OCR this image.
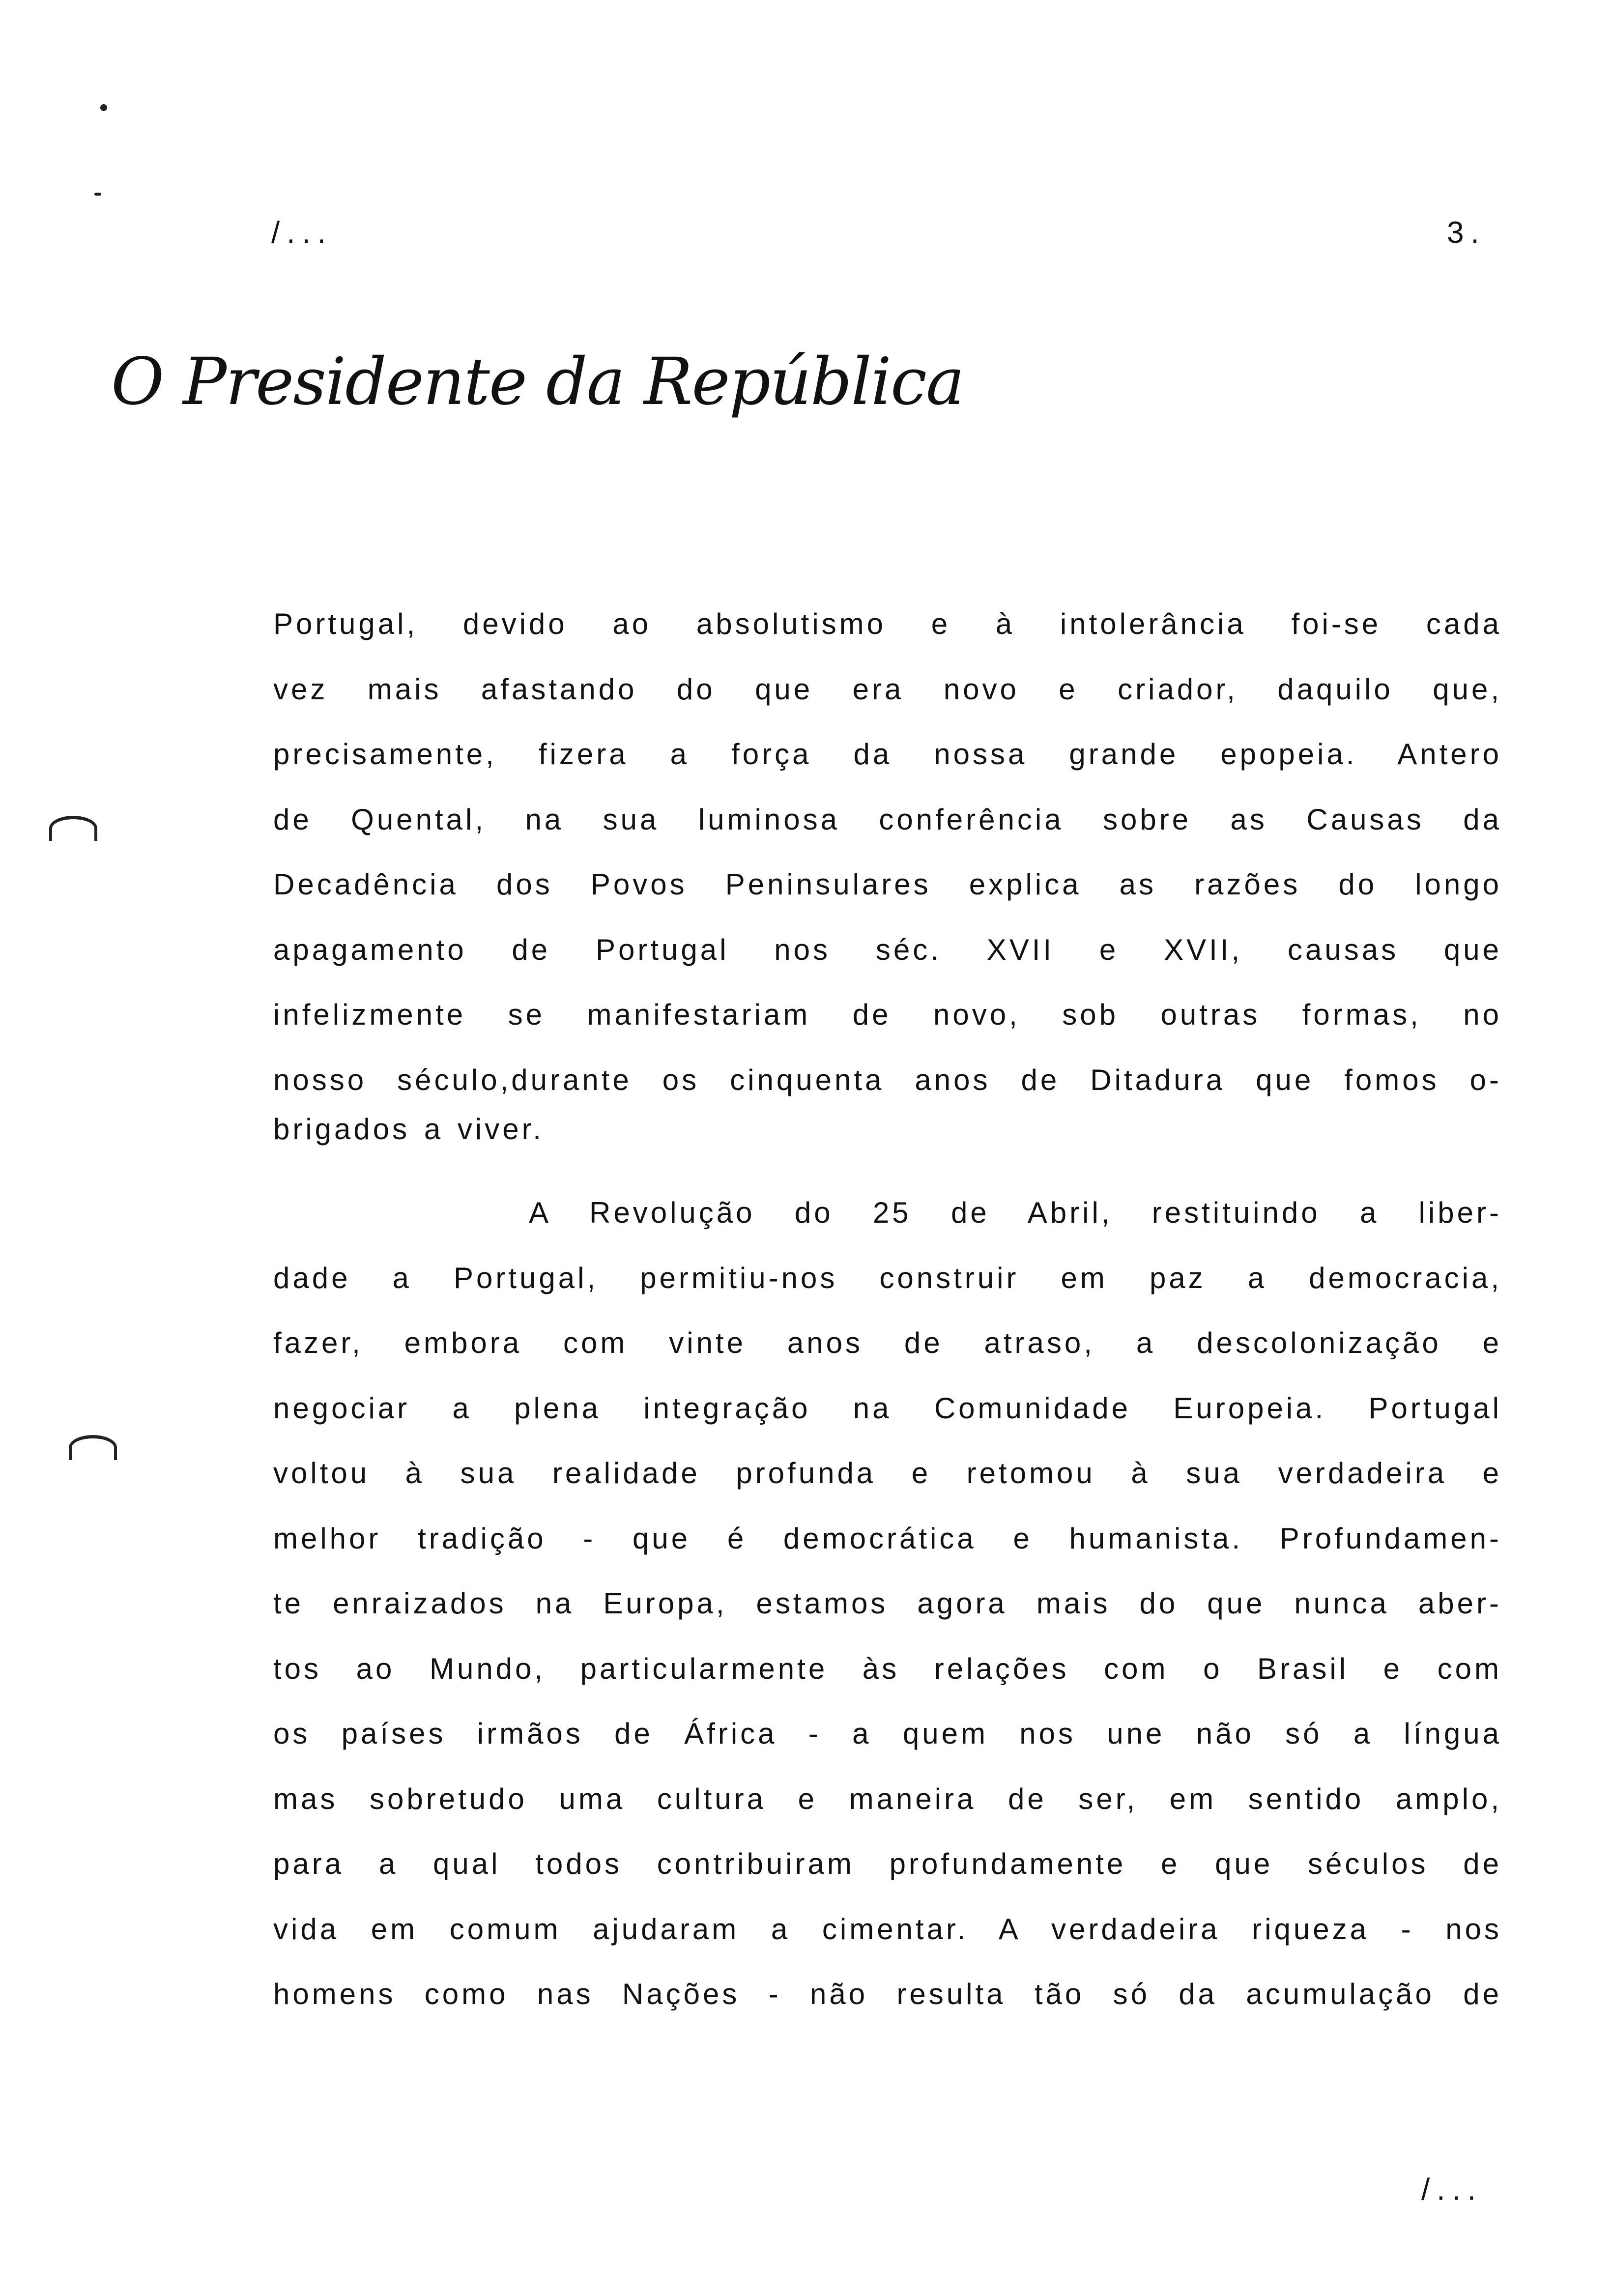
/...	3.
O Presidente da República
Portugal, devido ao absolutismo e à intolerância foi-se cada
vez mais afastando do que era novo e criador, daquilo que,
precisamente, fizera a força da nossa grande epopeia. Antero
de Quental, na sua luminosa conferência sobre as Causas da
Decadência dos Povos Peninsulares explica as razões do longo
apagamento de Portugal nos séc. XVII e XVII, causas que
infelizmente se manifestariam de novo, sob outras formas, no
nosso século,durante os cinquenta anos de Ditadura que fomos o-
brigados a viver.
A Revolução do 25 de Abril, restituindo a liber-
dade a Portugal, permitiu-nos construir em paz a democracia,
fazer, embora com vinte anos de atraso, a descolonização e
negociar a plena integração na Comunidade Europeia. Portugal
voltou à sua realidade profunda e retomou à sua verdadeira e
melhor tradição - que é democrática e humanista. Profundamen-
te enraizados na Europa, estamos agora mais do que nunca aber-
tos ao Mundo, particularmente às relações com o Brasil e com
os países irmãos de África - a quem nos une não só a língua
mas sobretudo uma cultura e maneira de ser, em sentido amplo,
para a qual todos contribuiram profundamente e que séculos de
vida em comum ajudaram a cimentar. A verdadeira riqueza - nos
homens como nas Nações - não resulta tão só da acumulação de
/...
